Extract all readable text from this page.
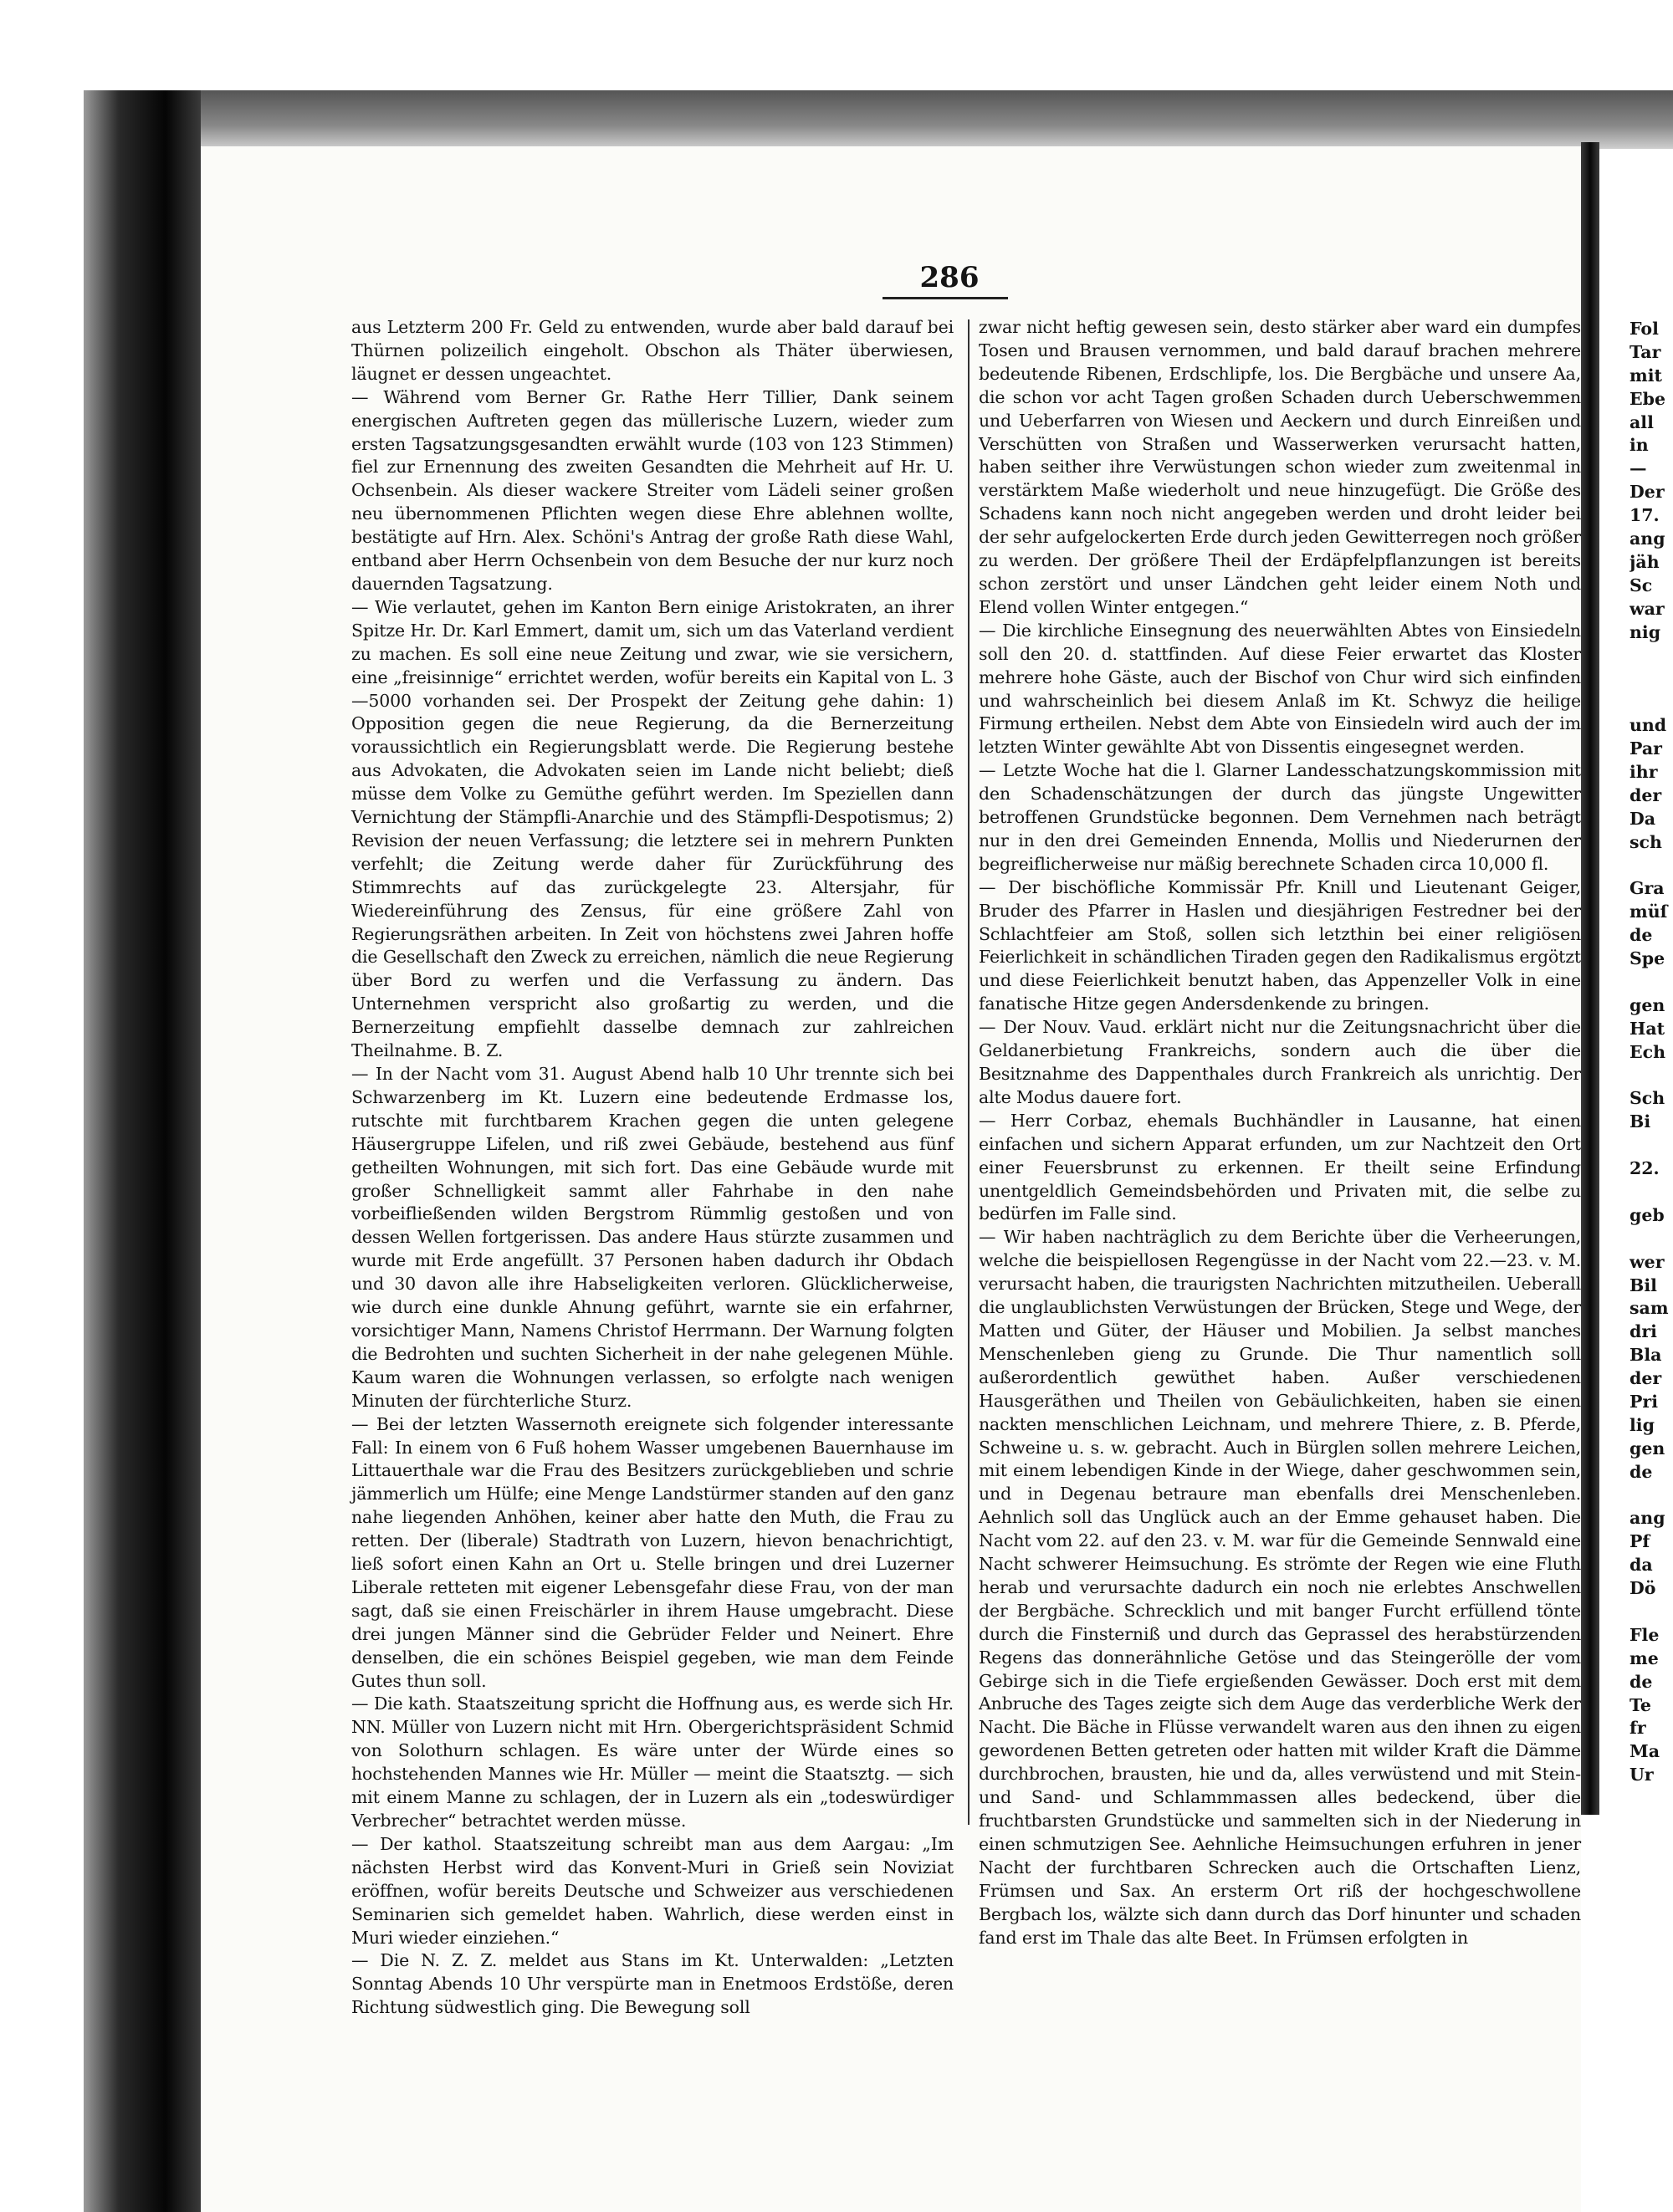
286

aus Letzterm 200 Fr. Geld zu entwenden, wurde aber bald darauf bei Thürnen polizeilich eingeholt. Obschon als Thäter überwiesen, läugnet er dessen ungeachtet.

— Während vom Berner Gr. Rathe Herr Tillier, Dank seinem energischen Auftreten gegen das müllerische Luzern, wieder zum ersten Tagsatzungsgesandten erwählt wurde (103 von 123 Stimmen) fiel zur Ernennung des zweiten Gesandten die Mehrheit auf Hr. U. Ochsenbein. Als dieser wackere Streiter vom Lädeli seiner großen neu übernommenen Pflichten wegen diese Ehre ablehnen wollte, bestätigte auf Hrn. Alex. Schöni's Antrag der große Rath diese Wahl, entband aber Herrn Ochsenbein von dem Besuche der nur kurz noch dauernden Tagsatzung.

— Wie verlautet, gehen im Kanton Bern einige Aristokraten, an ihrer Spitze Hr. Dr. Karl Emmert, damit um, sich um das Vaterland verdient zu machen. Es soll eine neue Zeitung und zwar, wie sie versichern, eine „freisinnige“ errichtet werden, wofür bereits ein Kapital von L. 3—5000 vorhanden sei. Der Prospekt der Zeitung gehe dahin: 1) Opposition gegen die neue Regierung, da die Bernerzeitung voraussichtlich ein Regierungsblatt werde. Die Regierung bestehe aus Advokaten, die Advokaten seien im Lande nicht beliebt; dieß müsse dem Volke zu Gemüthe geführt werden. Im Speziellen dann Vernichtung der Stämpfli-Anarchie und des Stämpfli-Despotismus; 2) Revision der neuen Verfassung; die letztere sei in mehrern Punkten verfehlt; die Zeitung werde daher für Zurückführung des Stimmrechts auf das zurückgelegte 23. Altersjahr, für Wiedereinführung des Zensus, für eine größere Zahl von Regierungsräthen arbeiten. In Zeit von höchstens zwei Jahren hoffe die Gesellschaft den Zweck zu erreichen, nämlich die neue Regierung über Bord zu werfen und die Verfassung zu ändern. Das Unternehmen verspricht also großartig zu werden, und die Bernerzeitung empfiehlt dasselbe demnach zur zahlreichen Theilnahme. B. Z.

— In der Nacht vom 31. August Abend halb 10 Uhr trennte sich bei Schwarzenberg im Kt. Luzern eine bedeutende Erdmasse los, rutschte mit furchtbarem Krachen gegen die unten gelegene Häusergruppe Lifelen, und riß zwei Gebäude, bestehend aus fünf getheilten Wohnungen, mit sich fort. Das eine Gebäude wurde mit großer Schnelligkeit sammt aller Fahrhabe in den nahe vorbeifließenden wilden Bergstrom Rümmlig gestoßen und von dessen Wellen fortgerissen. Das andere Haus stürzte zusammen und wurde mit Erde angefüllt. 37 Personen haben dadurch ihr Obdach und 30 davon alle ihre Habseligkeiten verloren. Glücklicherweise, wie durch eine dunkle Ahnung geführt, warnte sie ein erfahrner, vorsichtiger Mann, Namens Christof Herrmann. Der Warnung folgten die Bedrohten und suchten Sicherheit in der nahe gelegenen Mühle. Kaum waren die Wohnungen verlassen, so erfolgte nach wenigen Minuten der fürchterliche Sturz.

— Bei der letzten Wassernoth ereignete sich folgender interessante Fall: In einem von 6 Fuß hohem Wasser umgebenen Bauernhause im Littauerthale war die Frau des Besitzers zurückgeblieben und schrie jämmerlich um Hülfe; eine Menge Landstürmer standen auf den ganz nahe liegenden Anhöhen, keiner aber hatte den Muth, die Frau zu retten. Der (liberale) Stadtrath von Luzern, hievon benachrichtigt, ließ sofort einen Kahn an Ort u. Stelle bringen und drei Luzerner Liberale retteten mit eigener Lebensgefahr diese Frau, von der man sagt, daß sie einen Freischärler in ihrem Hause umgebracht. Diese drei jungen Männer sind die Gebrüder Felder und Neinert. Ehre denselben, die ein schönes Beispiel gegeben, wie man dem Feinde Gutes thun soll.

— Die kath. Staatszeitung spricht die Hoffnung aus, es werde sich Hr. NN. Müller von Luzern nicht mit Hrn. Obergerichtspräsident Schmid von Solothurn schlagen. Es wäre unter der Würde eines so hochstehenden Mannes wie Hr. Müller — meint die Staatsztg. — sich mit einem Manne zu schlagen, der in Luzern als ein „todeswürdiger Verbrecher“ betrachtet werden müsse.

— Der kathol. Staatszeitung schreibt man aus dem Aargau: „Im nächsten Herbst wird das Konvent-Muri in Grieß sein Noviziat eröffnen, wofür bereits Deutsche und Schweizer aus verschiedenen Seminarien sich gemeldet haben. Wahrlich, diese werden einst in Muri wieder einziehen.“

— Die N. Z. Z. meldet aus Stans im Kt. Unterwalden: „Letzten Sonntag Abends 10 Uhr verspürte man in Enetmoos Erdstöße, deren Richtung südwestlich ging. Die Bewegung soll

zwar nicht heftig gewesen sein, desto stärker aber ward ein dumpfes Tosen und Brausen vernommen, und bald darauf brachen mehrere bedeutende Ribenen, Erdschlipfe, los. Die Bergbäche und unsere Aa, die schon vor acht Tagen großen Schaden durch Ueberschwemmen und Ueberfarren von Wiesen und Aeckern und durch Einreißen und Verschütten von Straßen und Wasserwerken verursacht hatten, haben seither ihre Verwüstungen schon wieder zum zweitenmal in verstärktem Maße wiederholt und neue hinzugefügt. Die Größe des Schadens kann noch nicht angegeben werden und droht leider bei der sehr aufgelockerten Erde durch jeden Gewitterregen noch größer zu werden. Der größere Theil der Erdäpfelpflanzungen ist bereits schon zerstört und unser Ländchen geht leider einem Noth und Elend vollen Winter entgegen.“

— Die kirchliche Einsegnung des neuerwählten Abtes von Einsiedeln soll den 20. d. stattfinden. Auf diese Feier erwartet das Kloster mehrere hohe Gäste, auch der Bischof von Chur wird sich einfinden und wahrscheinlich bei diesem Anlaß im Kt. Schwyz die heilige Firmung ertheilen. Nebst dem Abte von Einsiedeln wird auch der im letzten Winter gewählte Abt von Dissentis eingesegnet werden.

— Letzte Woche hat die l. Glarner Landesschatzungskommission mit den Schadenschätzungen der durch das jüngste Ungewitter betroffenen Grundstücke begonnen. Dem Vernehmen nach beträgt nur in den drei Gemeinden Ennenda, Mollis und Niederurnen der begreiflicherweise nur mäßig berechnete Schaden circa 10,000 fl.

— Der bischöfliche Kommissär Pfr. Knill und Lieutenant Geiger, Bruder des Pfarrer in Haslen und diesjährigen Festredner bei der Schlachtfeier am Stoß, sollen sich letzthin bei einer religiösen Feierlichkeit in schändlichen Tiraden gegen den Radikalismus ergötzt und diese Feierlichkeit benutzt haben, das Appenzeller Volk in eine fanatische Hitze gegen Andersdenkende zu bringen.

— Der Nouv. Vaud. erklärt nicht nur die Zeitungsnachricht über die Geldanerbietung Frankreichs, sondern auch die über die Besitznahme des Dappenthales durch Frankreich als unrichtig. Der alte Modus dauere fort.

— Herr Corbaz, ehemals Buchhändler in Lausanne, hat einen einfachen und sichern Apparat erfunden, um zur Nachtzeit den Ort einer Feuersbrunst zu erkennen. Er theilt seine Erfindung unentgeldlich Gemeindsbehörden und Privaten mit, die selbe zu bedürfen im Falle sind.

— Wir haben nachträglich zu dem Berichte über die Verheerungen, welche die beispiellosen Regengüsse in der Nacht vom 22.—23. v. M. verursacht haben, die traurigsten Nachrichten mitzutheilen. Ueberall die unglaublichsten Verwüstungen der Brücken, Stege und Wege, der Matten und Güter, der Häuser und Mobilien. Ja selbst manches Menschenleben gieng zu Grunde. Die Thur namentlich soll außerordentlich gewüthet haben. Außer verschiedenen Hausgeräthen und Theilen von Gebäulichkeiten, haben sie einen nackten menschlichen Leichnam, und mehrere Thiere, z. B. Pferde, Schweine u. s. w. gebracht. Auch in Bürglen sollen mehrere Leichen, mit einem lebendigen Kinde in der Wiege, daher geschwommen sein, und in Degenau betraure man ebenfalls drei Menschenleben. Aehnlich soll das Unglück auch an der Emme gehauset haben. Die Nacht vom 22. auf den 23. v. M. war für die Gemeinde Sennwald eine Nacht schwerer Heimsuchung. Es strömte der Regen wie eine Fluth herab und verursachte dadurch ein noch nie erlebtes Anschwellen der Bergbäche. Schrecklich und mit banger Furcht erfüllend tönte durch die Finsterniß und durch das Geprassel des herabstürzenden Regens das donnerähnliche Getöse und das Steingerölle der vom Gebirge sich in die Tiefe ergießenden Gewässer. Doch erst mit dem Anbruche des Tages zeigte sich dem Auge das verderbliche Werk der Nacht. Die Bäche in Flüsse verwandelt waren aus den ihnen zu eigen gewordenen Betten getreten oder hatten mit wilder Kraft die Dämme durchbrochen, brausten, hie und da, alles verwüstend und mit Stein- und Sand- und Schlammmassen alles bedeckend, über die fruchtbarsten Grundstücke und sammelten sich in der Niederung in einen schmutzigen See. Aehnliche Heimsuchungen erfuhren in jener Nacht der furchtbaren Schrecken auch die Ortschaften Lienz, Frümsen und Sax. An ersterm Ort riß der hochgeschwollene Bergbach los, wälzte sich dann durch das Dorf hinunter und schaden fand erst im Thale das alte Beet. In Frümsen erfolgten in

Fol
Tar
mit
Ebe
all
in
—
Der
17.
ang
jäh
Sc
war
nig
und
Par
ihr
der
Da
sch
Gra
müſ
de
Spe
gen
Hat
Ech
Sch
Bi
22.
geb
wer
Bil
sam
dri
Bla
der
Pri
lig
gen
de
ang
Pf
da
Dö
Fle
me
de
Te
fr
Ma
Ur
